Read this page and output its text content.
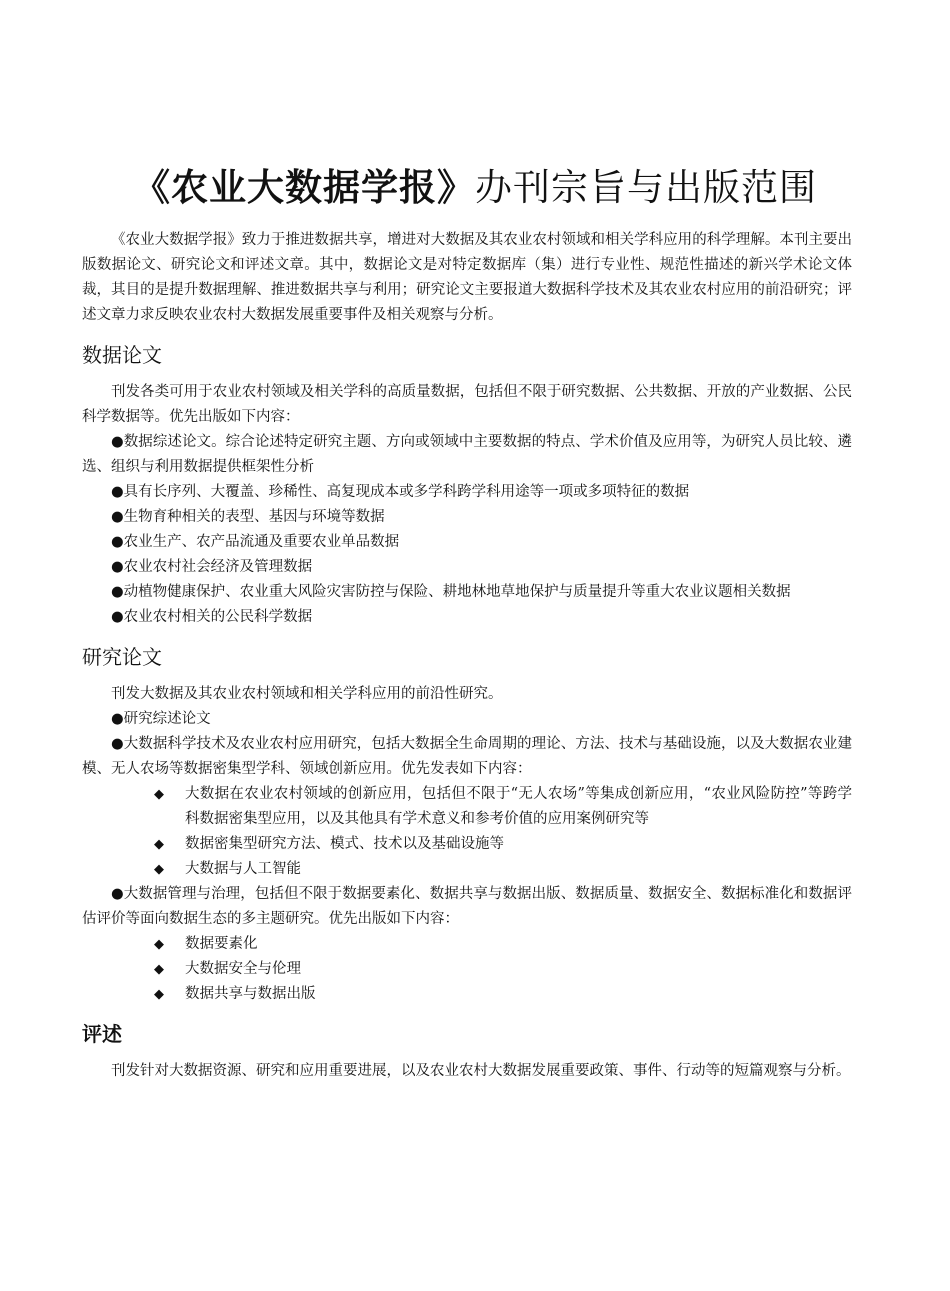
《农业大数据学报》办刊宗旨与出版范围

《农业大数据学报》致力于推进数据共享，增进对大数据及其农业农村领域和相关学科应用的科学理解。本刊主要出版数据论文、研究论文和评述文章。其中，数据论文是对特定数据库（集）进行专业性、规范性描述的新兴学术论文体裁，其目的是提升数据理解、推进数据共享与利用；研究论文主要报道大数据科学技术及其农业农村应用的前沿研究；评述文章力求反映农业农村大数据发展重要事件及相关观察与分析。

数据论文

刊发各类可用于农业农村领域及相关学科的高质量数据，包括但不限于研究数据、公共数据、开放的产业数据、公民科学数据等。优先出版如下内容：

●数据综述论文。综合论述特定研究主题、方向或领域中主要数据的特点、学术价值及应用等，为研究人员比较、遴选、组织与利用数据提供框架性分析

●具有长序列、大覆盖、珍稀性、高复现成本或多学科跨学科用途等一项或多项特征的数据

●生物育种相关的表型、基因与环境等数据

●农业生产、农产品流通及重要农业单品数据

●农业农村社会经济及管理数据

●动植物健康保护、农业重大风险灾害防控与保险、耕地林地草地保护与质量提升等重大农业议题相关数据

●农业农村相关的公民科学数据

研究论文

刊发大数据及其农业农村领域和相关学科应用的前沿性研究。

●研究综述论文

●大数据科学技术及农业农村应用研究，包括大数据全生命周期的理论、方法、技术与基础设施，以及大数据农业建模、无人农场等数据密集型学科、领域创新应用。优先发表如下内容：

◆ 大数据在农业农村领域的创新应用，包括但不限于“无人农场”等集成创新应用，“农业风险防控”等跨学科数据密集型应用，以及其他具有学术意义和参考价值的应用案例研究等
◆ 数据密集型研究方法、模式、技术以及基础设施等
◆ 大数据与人工智能

●大数据管理与治理，包括但不限于数据要素化、数据共享与数据出版、数据质量、数据安全、数据标准化和数据评估评价等面向数据生态的多主题研究。优先出版如下内容：

◆ 数据要素化
◆ 大数据安全与伦理
◆ 数据共享与数据出版
评述

刊发针对大数据资源、研究和应用重要进展，以及农业农村大数据发展重要政策、事件、行动等的短篇观察与分析。
